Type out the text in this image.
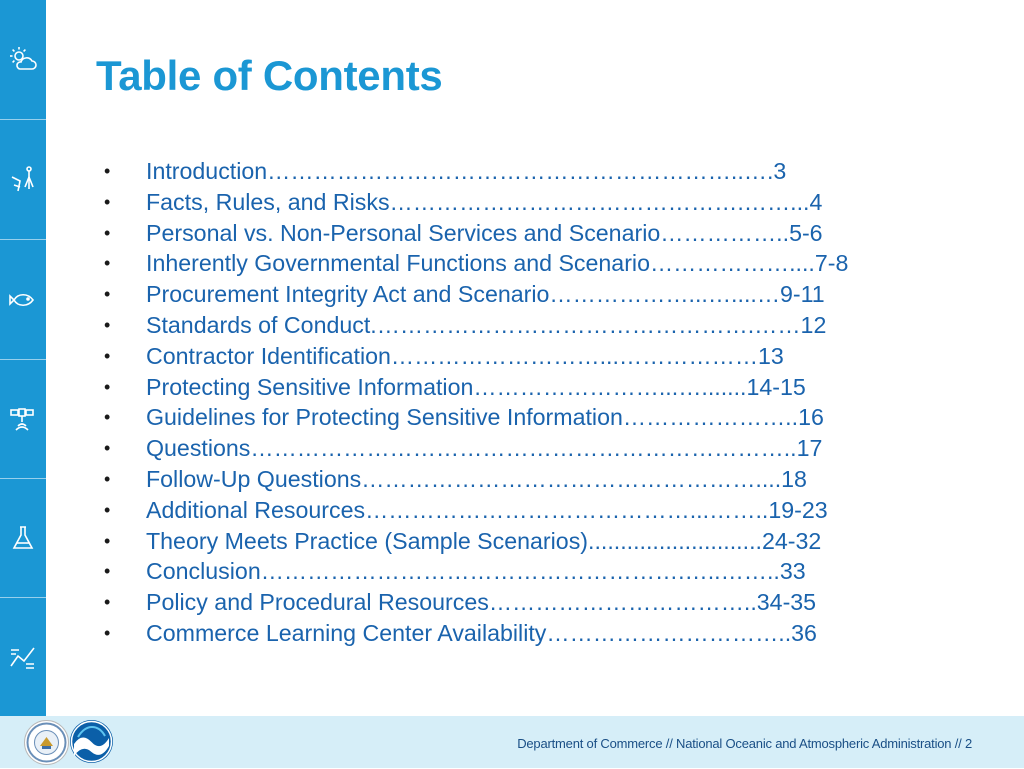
Table of Contents
• Introduction……………………………………………………..….3
• Facts, Rules, and Risks……………………………………….……...4
• Personal vs. Non-Personal Services and Scenario……………..5-6
• Inherently Governmental Functions and Scenario………………....7-8
• Procurement Integrity Act and Scenario………………...…....…9-11
• Standards of Conduct.………………………………………….……12
• Contractor Identification………………………...………………13
• Protecting Sensitive Information……………………...….......14-15
• Guidelines for Protecting Sensitive Information…………………..16
• Questions……………………………………………………………..17
• Follow-Up Questions……………………………………………....18
• Additional Resources……………………………………...……..19-23
• Theory Meets Practice (Sample Scenarios)...........................24-32
• Conclusion……………………………………………….…..……..33
• Policy and Procedural Resources……………………………..34-35
• Commerce Learning Center Availability…………………………..36
Department of Commerce // National Oceanic and Atmospheric Administration // 2
